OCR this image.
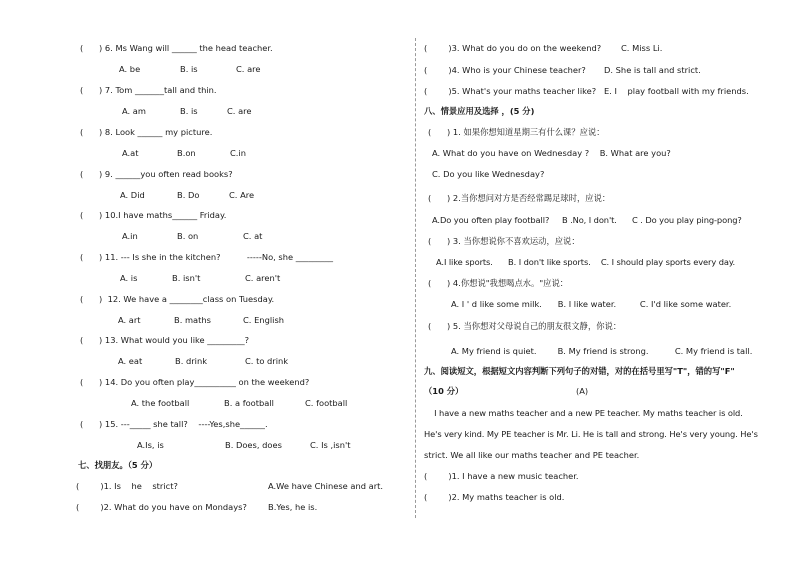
(      ) 6. Ms Wang will ______ the head teacher.
A. be	B. is	C. are
(      ) 7. Tom _______tall and thin.
A. am	B. is	C. are
(      ) 8. Look ______ my picture.
A.at	B.on	C.in
(      ) 9. ______you often read books?
A. Did	B. Do	C. Are
(      ) 10.I have maths______ Friday.
A.in	B. on	C. at
(      ) 11. --- Is she in the kitchen?          -----No, she _________
A. is	B. isn't	C. aren't
(      )  12. We have a ________class on Tuesday.
A. art	B. maths	C. English
(      ) 13. What would you like _________?
A. eat	B. drink	C. to drink
(      ) 14. Do you often play__________ on the weekend?
A. the football	B. a football	C. football
(      ) 15. ---_____ she tall?    ----Yes,she______.
A.Is, is	B. Does, does	C. Is ,isn't
七、找朋友。（5 分）
(        )1. Is    he    strict?	A.We have Chinese and art.
(        )2. What do you have on Mondays?	B.Yes, he is.
(        )3. What do you do on the weekend? C. Miss Li.
(        )4. Who is your Chinese teacher? D. She is tall and strict.
(        )5. What's your maths teacher like? E. I    play football with my friends.
八、情景应用及选择 ，(5 分)
(      ) 1. 如果你想知道星期三有什么课？应说：
A. What do you have on Wednesday ?    B. What are you?
C. Do you like Wednesday?
(      ) 2.当你想问对方是否经常踢足球时，应说：
A.Do you often play football?     B .No, I don't.      C . Do you play ping-pong?
(      ) 3. 当你想说你不喜欢运动，应说：
A.I like sports.      B. I don't like sports.    C. I should play sports every day.
(      ) 4.你想说"我想喝点水。"应说：
A. I ' d like some milk.      B. I like water.         C. I'd like some water.
(      ) 5. 当你想对父母说自己的朋友很文静，你说：
A. My friend is quiet.        B. My friend is strong.          C. My friend is tall.
九、阅读短文，根据短文内容判断下列句子的对错，对的在括号里写"T"，错的写"F"
（10 分）	(A)
I have a new maths teacher and a new PE teacher. My maths teacher is old.
He's very kind. My PE teacher is Mr. Li. He is tall and strong. He's very young. He's
strict. We all like our maths teacher and PE teacher.
(        )1. I have a new music teacher.
(        )2. My maths teacher is old.
